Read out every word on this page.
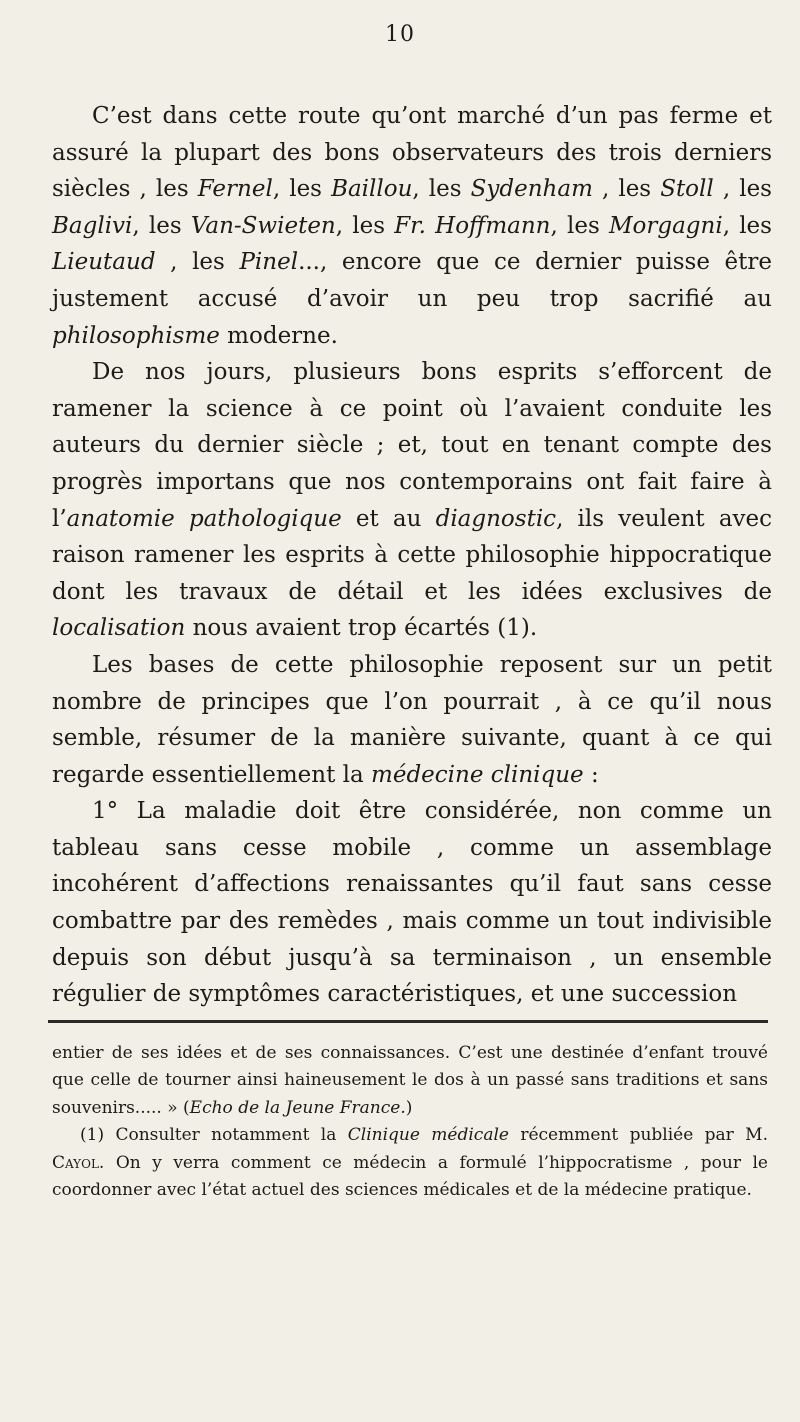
10

C’est dans cette route qu’ont marché d’un pas ferme et assuré la plupart des bons observateurs des trois derniers siècles , les Fernel, les Baillou, les Sydenham , les Stoll , les Baglivi, les Van-Swieten, les Fr. Hoffmann, les Morgagni, les Lieutaud , les Pinel..., encore que ce dernier puisse être justement accusé d’avoir un peu trop sacrifié au philosophisme moderne.

De nos jours, plusieurs bons esprits s’efforcent de ramener la science à ce point où l’avaient conduite les auteurs du dernier siècle ; et, tout en tenant compte des progrès importans que nos contemporains ont fait faire à l’anatomie pathologique et au diagnostic, ils veulent avec raison ramener les esprits à cette philosophie hippocratique dont les travaux de détail et les idées exclusives de localisation nous avaient trop écartés (1).

Les bases de cette philosophie reposent sur un petit nombre de principes que l’on pourrait , à ce qu’il nous semble, résumer de la manière suivante, quant à ce qui regarde essentiellement la médecine clinique :

1° La maladie doit être considérée, non comme un tableau sans cesse mobile , comme un assemblage incohérent d’affections renaissantes qu’il faut sans cesse combattre par des remèdes , mais comme un tout indivisible depuis son début jusqu’à sa terminaison , un ensemble régulier de symptômes caractéristiques, et une succession

entier de ses idées et de ses connaissances. C’est une destinée d’enfant trouvé que celle de tourner ainsi haineusement le dos à un passé sans traditions et sans souvenirs..... » (Echo de la Jeune France.)

(1) Consulter notamment la Clinique médicale récemment publiée par M. Cayol. On y verra comment ce médecin a formulé l’hippocratisme , pour le coordonner avec l’état actuel des sciences médicales et de la médecine pratique.
